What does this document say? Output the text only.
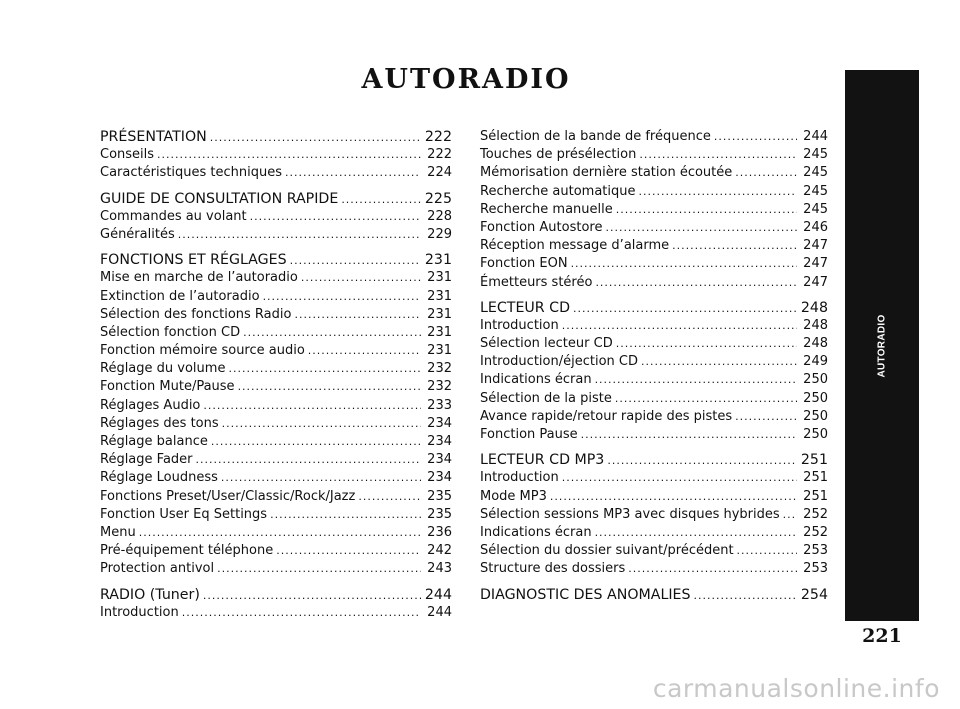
AUTORADIO
AUTORADIO
221
PRÉSENTATION .....	222
Conseils .....	222
Caractéristiques techniques .....	224
GUIDE DE CONSULTATION RAPIDE .....	225
Commandes au volant .....	228
Généralités .....	229
FONCTIONS ET RÉGLAGES .....	231
Mise en marche de l’autoradio .....	231
Extinction de l’autoradio .....	231
Sélection des fonctions Radio .....	231
Sélection fonction CD .....	231
Fonction mémoire source audio .....	231
Réglage du volume .....	232
Fonction Mute/Pause .....	232
Réglages Audio .....	233
Réglages des tons .....	234
Réglage balance .....	234
Réglage Fader .....	234
Réglage Loudness .....	234
Fonctions Preset/User/Classic/Rock/Jazz .....	235
Fonction User Eq Settings .....	235
Menu .....	236
Pré-équipement téléphone .....	242
Protection antivol .....	243
RADIO (Tuner) .....	244
Introduction .....	244
Sélection de la bande de fréquence .....	244
Touches de présélection .....	245
Mémorisation dernière station écoutée .....	245
Recherche automatique .....	245
Recherche manuelle .....	245
Fonction Autostore .....	246
Réception message d’alarme .....	247
Fonction EON .....	247
Émetteurs stéréo .....	247
LECTEUR CD .....	248
Introduction .....	248
Sélection lecteur CD .....	248
Introduction/éjection CD .....	249
Indications écran .....	250
Sélection de la piste .....	250
Avance rapide/retour rapide des pistes .....	250
Fonction Pause .....	250
LECTEUR CD MP3 .....	251
Introduction .....	251
Mode MP3 .....	251
Sélection sessions MP3 avec disques hybrides ..... 252
Indications écran .....	252
Sélection du dossier suivant/précédent .....	253
Structure des dossiers .....	253
DIAGNOSTIC DES ANOMALIES .....	254
carmanualsonline.info
